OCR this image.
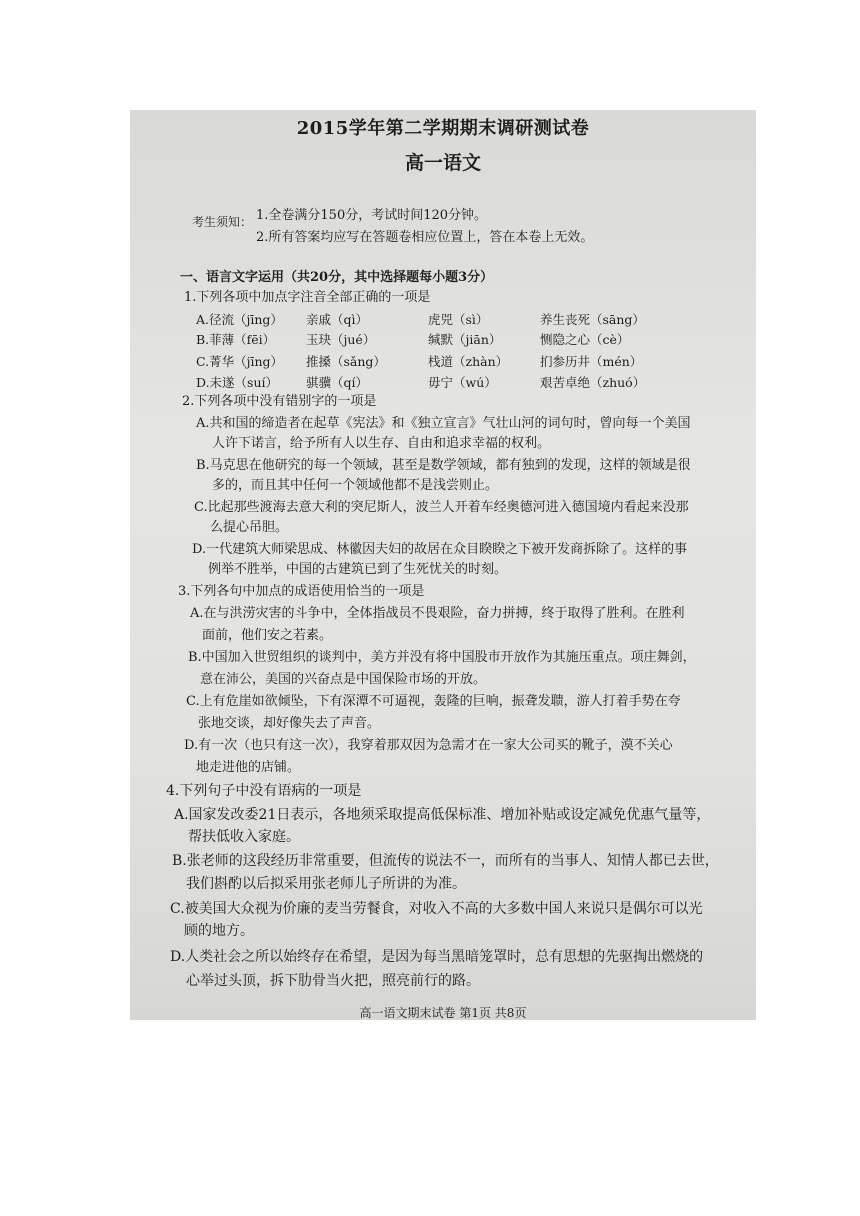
2015学年第二学期期末调研测试卷
高一语文
考生须知： 1.全卷满分150分，考试时间120分钟。
2.所有答案均应写在答题卷相应位置上，答在本卷上无效。
一、语言文字运用（共20分，其中选择题每小题3分）
1.下列各项中加点字注音全部正确的一项是
A.径流（jīng） 亲戚（qì）	虎兕（sì）	养生丧死（sāng）
B.菲薄（fēi） 玉玦（jué）	缄默（jiān）	恻隐之心（cè）
C.菁华（jīng） 推搡（sǎng）	栈道（zhàn）	扪参历井（mén）
D.未遂（suí） 骐骥（qí）	毋宁（wú）	艰苦卓绝（zhuó）
2.下列各项中没有错别字的一项是
A.共和国的缔造者在起草《宪法》和《独立宣言》气壮山河的词句时，曾向每一个美国
人许下诺言，给予所有人以生存、自由和追求幸福的权利。
B.马克思在他研究的每一个领域，甚至是数学领域，都有独到的发现，这样的领域是很
多的，而且其中任何一个领域他都不是浅尝则止。
C.比起那些渡海去意大利的突尼斯人，波兰人开着车经奥德河进入德国境内看起来没那
么提心吊胆。
D.一代建筑大师梁思成、林徽因夫妇的故居在众目睽睽之下被开发商拆除了。这样的事
例举不胜举，中国的古建筑已到了生死忧关的时刻。
3.下列各句中加点的成语使用恰当的一项是
A.在与洪涝灾害的斗争中，全体指战员不畏艰险，奋力拼搏，终于取得了胜利。在胜利
面前，他们安之若素。
B.中国加入世贸组织的谈判中，美方并没有将中国股市开放作为其施压重点。项庄舞剑，
意在沛公，美国的兴奋点是中国保险市场的开放。
C.上有危崖如欲倾坠，下有深潭不可逼视，轰隆的巨响，振聋发聩，游人打着手势在夸
张地交谈，却好像失去了声音。
D.有一次（也只有这一次），我穿着那双因为急需才在一家大公司买的靴子，漠不关心
地走进他的店铺。
4.下列句子中没有语病的一项是
A.国家发改委21日表示，各地须采取提高低保标准、增加补贴或设定减免优惠气量等，
帮扶低收入家庭。
B.张老师的这段经历非常重要，但流传的说法不一，而所有的当事人、知情人都已去世，
我们斟酌以后拟采用张老师儿子所讲的为准。
C.被美国大众视为价廉的麦当劳餐食，对收入不高的大多数中国人来说只是偶尔可以光
顾的地方。
D.人类社会之所以始终存在希望，是因为每当黑暗笼罩时，总有思想的先驱掏出燃烧的
心举过头顶，拆下肋骨当火把，照亮前行的路。
高一语文期末试卷 第1页 共8页
